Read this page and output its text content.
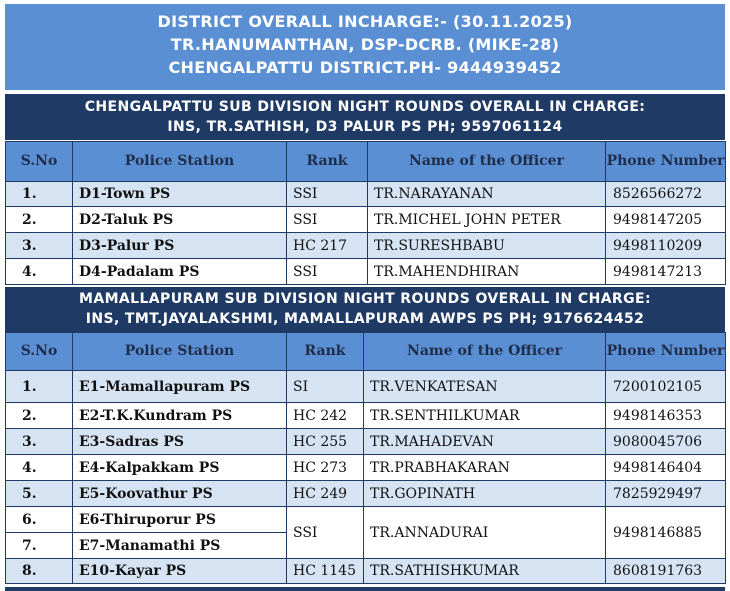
DISTRICT OVERALL INCHARGE:- (30.11.2025)
TR.HANUMANTHAN, DSP-DCRB. (MIKE-28)
CHENGALPATTU DISTRICT.PH- 9444939452
CHENGALPATTU SUB DIVISION NIGHT ROUNDS OVERALL IN CHARGE:
INS, TR.SATHISH, D3 PALUR PS PH; 9597061124
S.No	Police Station	Rank	Name of the Officer	Phone Number
1.	D1-Town PS	SSI	TR.NARAYANAN	8526566272
2.	D2-Taluk PS	SSI	TR.MICHEL JOHN PETER	9498147205
3.	D3-Palur PS	HC 217	TR.SURESHBABU	9498110209
4.	D4-Padalam PS	SSI	TR.MAHENDHIRAN	9498147213
MAMALLAPURAM SUB DIVISION NIGHT ROUNDS OVERALL IN CHARGE:
INS, TMT.JAYALAKSHMI, MAMALLAPURAM AWPS PS PH; 9176624452
S.No	Police Station	Rank	Name of the Officer	Phone Number
1.	E1-Mamallapuram PS	SI	TR.VENKATESAN	7200102105
2.	E2-T.K.Kundram PS	HC 242	TR.SENTHILKUMAR	9498146353
3.	E3-Sadras PS	HC 255	TR.MAHADEVAN	9080045706
4.	E4-Kalpakkam PS	HC 273	TR.PRABHAKARAN	9498146404
5.	E5-Koovathur PS	HC 249	TR.GOPINATH	7825929497
6.	E6-Thiruporur PS	SSI	TR.ANNADURAI	9498146885
7.	E7-Manamathi PS			
8.	E10-Kayar PS	HC 1145	TR.SATHISHKUMAR	8608191763
